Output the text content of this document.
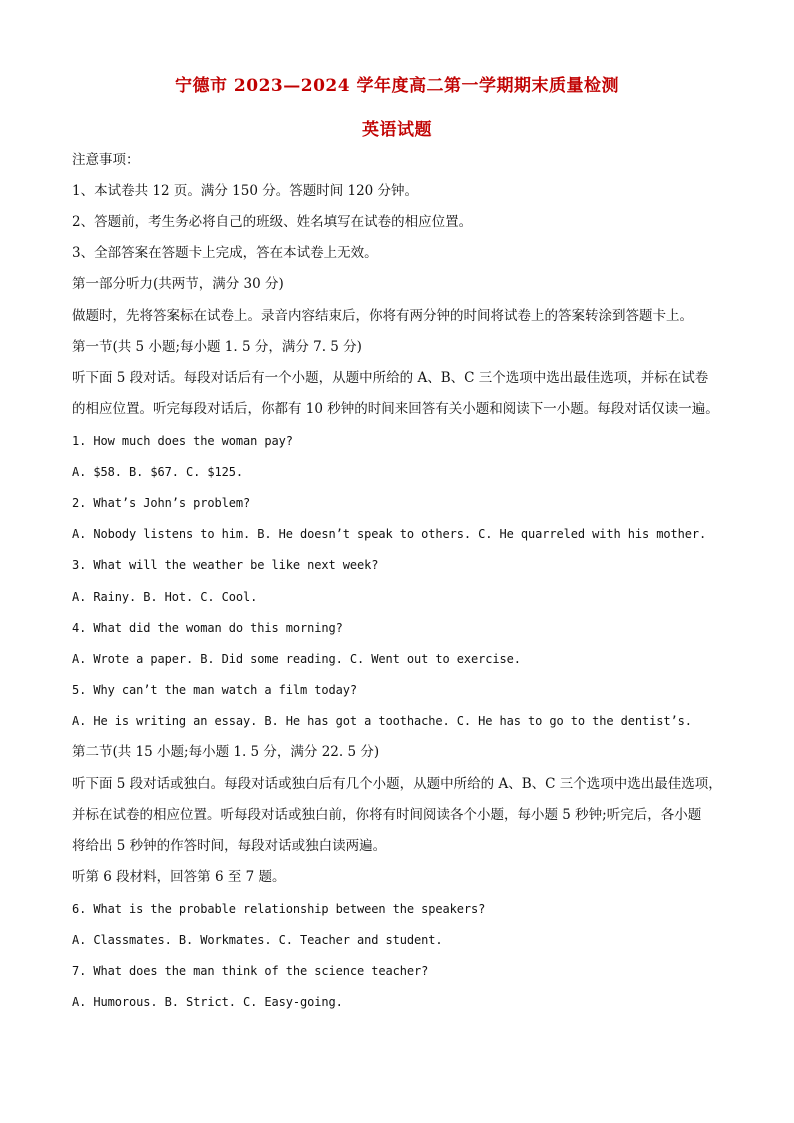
宁德市 2023—2024 学年度高二第一学期期末质量检测
英语试题
注意事项：
1、本试卷共 12 页。满分 150 分。答题时间 120 分钟。
2、答题前，考生务必将自己的班级、姓名填写在试卷的相应位置。
3、全部答案在答题卡上完成，答在本试卷上无效。
第一部分听力(共两节，满分 30 分)
做题时，先将答案标在试卷上。录音内容结束后，你将有两分钟的时间将试卷上的答案转涂到答题卡上。
第一节(共 5 小题;每小题 1. 5 分，满分 7. 5 分)
听下面 5 段对话。每段对话后有一个小题，从题中所给的 A、B、C 三个选项中选出最佳选项，并标在试卷
的相应位置。听完每段对话后，你都有 10 秒钟的时间来回答有关小题和阅读下一小题。每段对话仅读一遍。
1. How much does the woman pay?
A. $58. B. $67. C. $125.
2. What’s John’s problem?
A. Nobody listens to him. B. He doesn’t speak to others. C. He quarreled with his mother.
3. What will the weather be like next week?
A. Rainy. B. Hot. C. Cool.
4. What did the woman do this morning?
A. Wrote a paper. B. Did some reading. C. Went out to exercise.
5. Why can’t the man watch a film today?
A. He is writing an essay. B. He has got a toothache. C. He has to go to the dentist’s.
第二节(共 15 小题;每小题 1. 5 分，满分 22. 5 分)
听下面 5 段对话或独白。每段对话或独白后有几个小题，从题中所给的 A、B、C 三个选项中选出最佳选项，
并标在试卷的相应位置。听每段对话或独白前，你将有时间阅读各个小题，每小题 5 秒钟;听完后，各小题
将给出 5 秒钟的作答时间，每段对话或独白读两遍。
听第 6 段材料，回答第 6 至 7 题。
6. What is the probable relationship between the speakers?
A. Classmates. B. Workmates. C. Teacher and student.
7. What does the man think of the science teacher?
A. Humorous. B. Strict. C. Easy-going.
